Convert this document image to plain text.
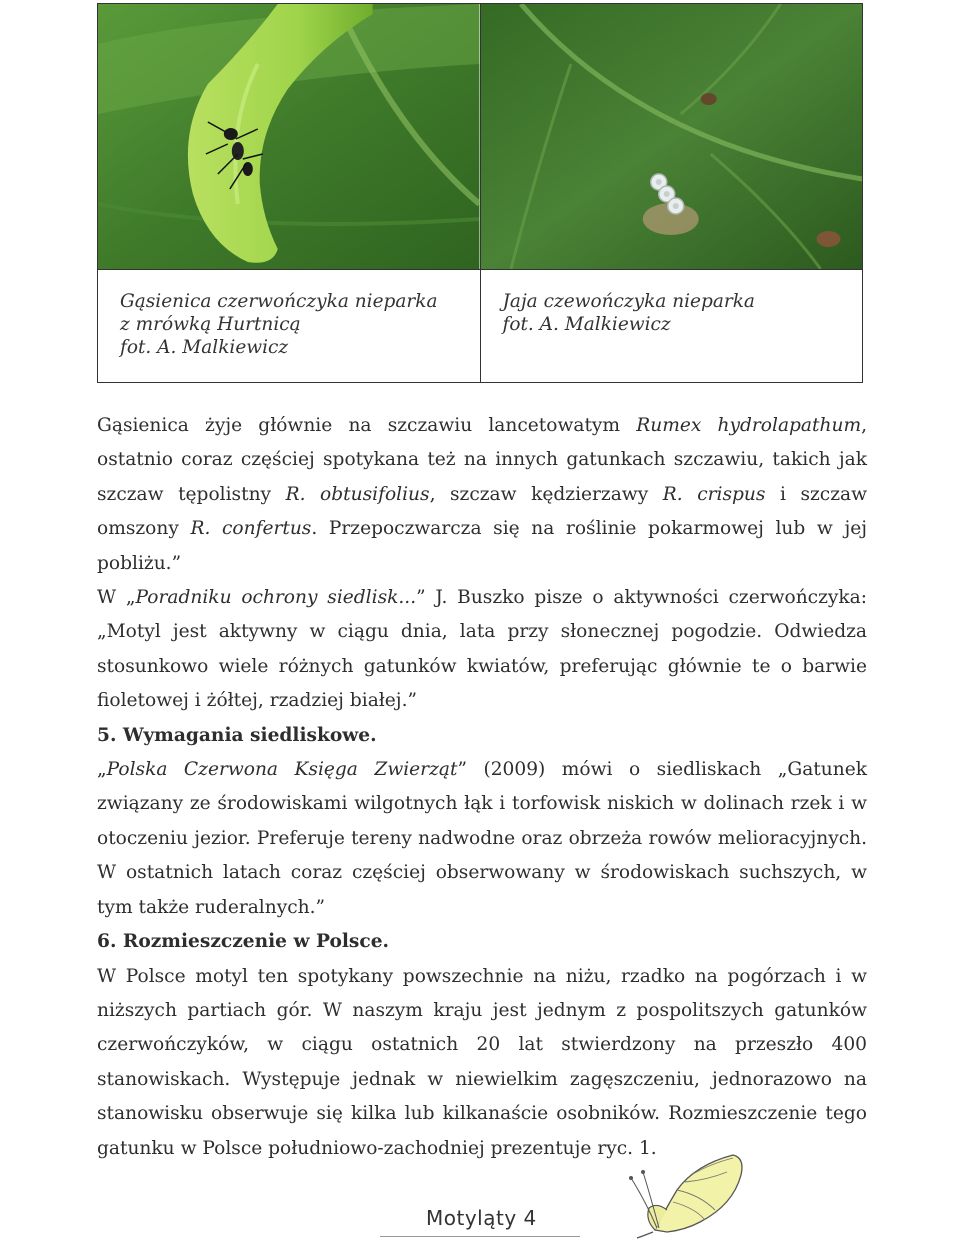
Gąsienica czerwończyka nieparka
z mrówką Hurtnicą
fot. A. Malkiewicz
Jaja czewończyka nieparka
fot. A. Malkiewicz

Gąsienica żyje głównie na szczawiu lancetowatym Rumex hydrolapathum, ostatnio coraz częściej spotykana też na innych gatunkach szczawiu, takich jak szczaw tępolistny R. obtusifolius, szczaw kędzierzawy R. crispus i szczaw omszony R. confertus. Przepoczwarcza się na roślinie pokarmowej lub w jej pobliżu.”

W „Poradniku ochrony siedlisk...” J. Buszko pisze o aktywności czerwończyka: „Motyl jest aktywny w ciągu dnia, lata przy słonecznej pogodzie. Odwiedza stosunkowo wiele różnych gatunków kwiatów, preferując głównie te o barwie fioletowej i żółtej, rzadziej białej.”

5. Wymagania siedliskowe.

„Polska Czerwona Księga Zwierząt” (2009) mówi o siedliskach „Gatunek związany ze środowiskami wilgotnych łąk i torfowisk niskich w dolinach rzek i w otoczeniu jezior. Preferuje tereny nadwodne oraz obrzeża rowów melioracyjnych. W ostatnich latach coraz częściej obserwowany w środowiskach suchszych, w tym także ruderalnych.”

6. Rozmieszczenie w Polsce.

W Polsce motyl ten spotykany powszechnie na niżu, rzadko na pogórzach i w niższych partiach gór. W naszym kraju jest jednym z pospolitszych gatunków czerwończyków, w ciągu ostatnich 20 lat stwierdzony na przeszło 400 stanowiskach. Występuje jednak w niewielkim zagęszczeniu, jednorazowo na stanowisku obserwuje się kilka lub kilkanaście osobników. Rozmieszczenie tego gatunku w Polsce południowo-zachodniej prezentuje ryc. 1.

Motyląty 4
